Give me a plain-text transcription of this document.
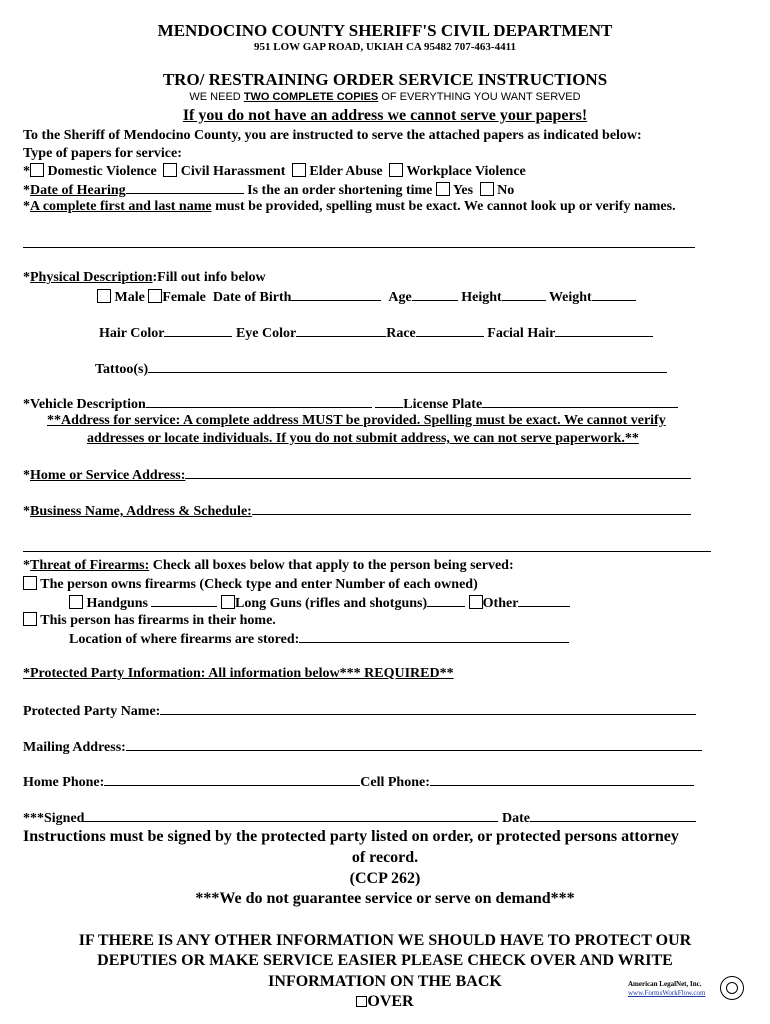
MENDOCINO COUNTY SHERIFF'S CIVIL DEPARTMENT
951 LOW GAP ROAD, UKIAH CA 95482 707-463-4411
TRO/ RESTRAINING ORDER SERVICE INSTRUCTIONS
WE NEED TWO COMPLETE COPIES OF EVERYTHING YOU WANT SERVED
If you do not have an address we cannot serve your papers!
To the Sheriff of Mendocino County, you are instructed to serve the attached papers as indicated below:
Type of papers for service:
* Domestic Violence Civil Harassment Elder Abuse Workplace Violence
*Date of Hearing	Is the an order shortening time Yes No
*A complete first and last name must be provided, spelling must be exact. We cannot look up or verify names.
*Physical Description:Fill out info below
Male Female Date of Birth	Age	Height	Weight
Hair Color	Eye Color	Race	Facial Hair
Tattoo(s)
*Vehicle Description	License Plate
**Address for service: A complete address MUST be provided. Spelling must be exact. We cannot verify
addresses or locate individuals. If you do not submit address, we can not serve paperwork.**
*Home or Service Address:
*Business Name, Address & Schedule:
*Threat of Firearms: Check all boxes below that apply to the person being served:
The person owns firearms (Check type and enter Number of each owned)
Handguns	Long Guns (rifles and shotguns)	Other
This person has firearms in their home.
Location of where firearms are stored:
*Protected Party Information: All information below*** REQUIRED**
Protected Party Name:
Mailing Address:
Home Phone:	Cell Phone:
***Signed	Date
Instructions must be signed by the protected party listed on order, or protected persons attorney
of record.
(CCP 262)
***We do not guarantee service or serve on demand***
IF THERE IS ANY OTHER INFORMATION WE SHOULD HAVE TO PROTECT OUR
DEPUTIES OR MAKE SERVICE EASIER PLEASE CHECK OVER AND WRITE
INFORMATION ON THE BACK
OVER
American LegalNet, Inc.
www.FormsWorkFlow.com
